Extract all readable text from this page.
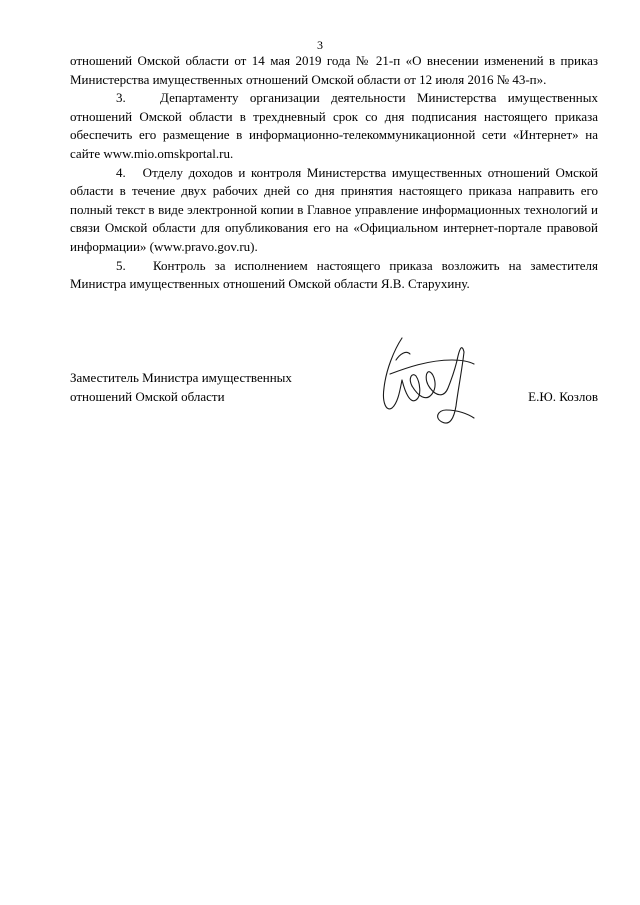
3

отношений Омской области от 14 мая 2019 года № 21-п «О внесении изменений в приказ Министерства имущественных отношений Омской области от 12 июля 2016 № 43-п».

3.   Департаменту организации деятельности Министерства имущественных отношений Омской области в трехдневный срок со дня подписания настоящего приказа обеспечить его размещение в информационно-телекоммуникационной сети «Интернет» на сайте www.mio.omskportal.ru.

4.   Отделу доходов и контроля Министерства имущественных отношений Омской области в течение двух рабочих дней со дня принятия настоящего приказа направить его полный текст в виде электронной копии в Главное управление информационных технологий и связи Омской области для опубликования его на «Официальном интернет-портале правовой информации» (www.pravo.gov.ru).

5.   Контроль за исполнением настоящего приказа возложить на заместителя Министра имущественных отношений Омской области Я.В. Старухину.

Заместитель Министра имущественных отношений Омской области	Е.Ю. Козлов
